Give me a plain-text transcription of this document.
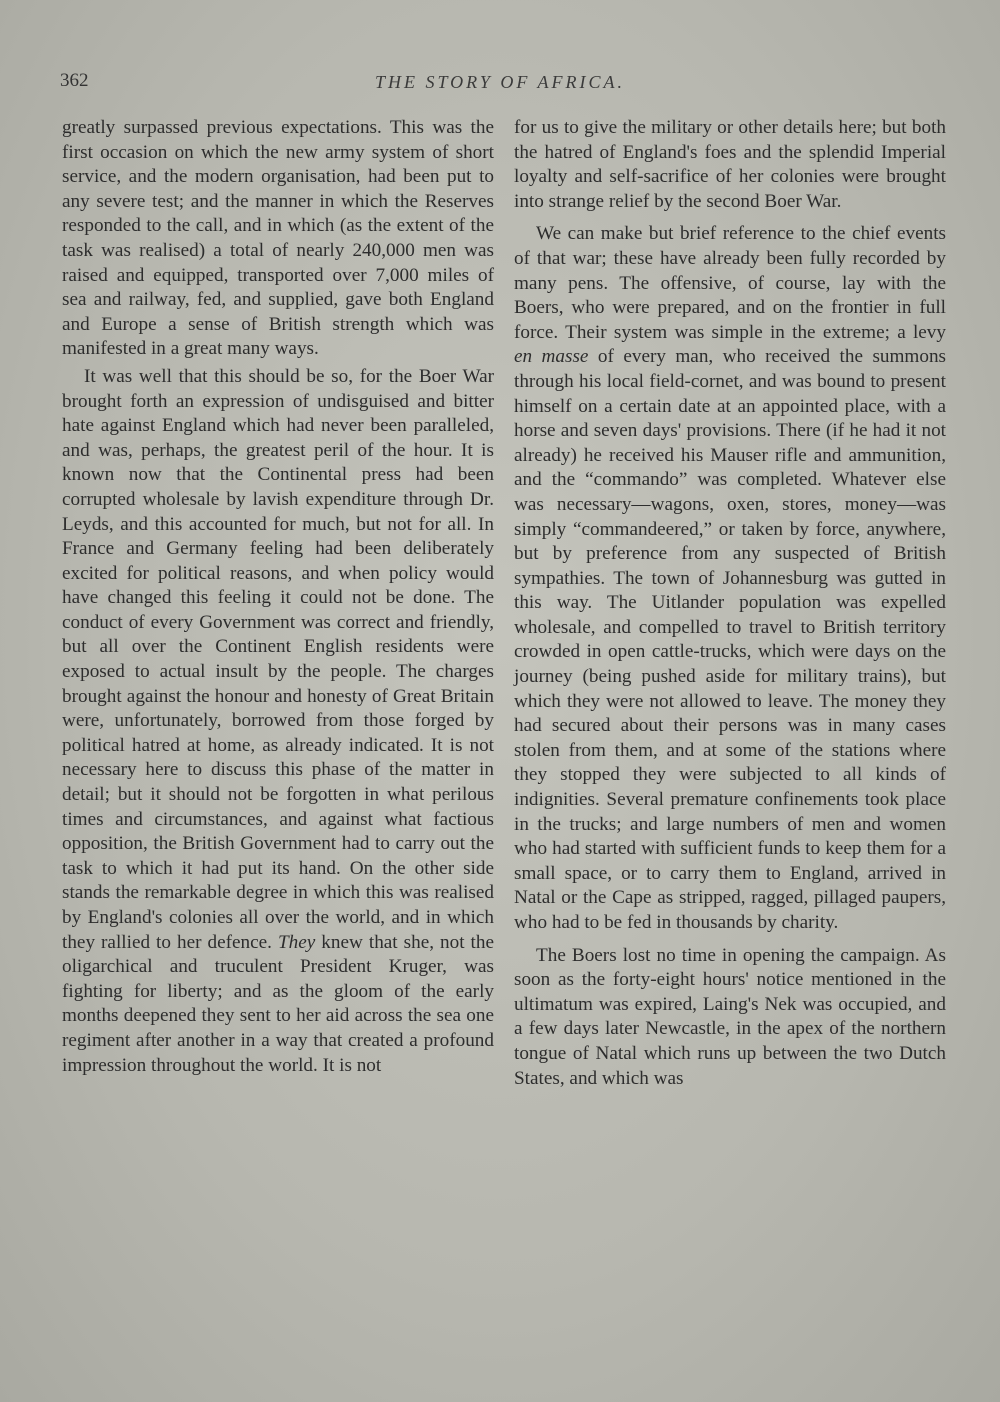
362	THE STORY OF AFRICA.

greatly surpassed previous expectations. This was the first occasion on which the new army system of short service, and the modern organisation, had been put to any severe test; and the manner in which the Reserves responded to the call, and in which (as the extent of the task was realised) a total of nearly 240,000 men was raised and equipped, transported over 7,000 miles of sea and railway, fed, and supplied, gave both England and Europe a sense of British strength which was manifested in a great many ways.

It was well that this should be so, for the Boer War brought forth an expression of undisguised and bitter hate against England which had never been paralleled, and was, perhaps, the greatest peril of the hour. It is known now that the Continental press had been corrupted wholesale by lavish expenditure through Dr. Leyds, and this accounted for much, but not for all. In France and Germany feeling had been deliberately excited for political reasons, and when policy would have changed this feeling it could not be done. The conduct of every Government was correct and friendly, but all over the Continent English residents were exposed to actual insult by the people. The charges brought against the honour and honesty of Great Britain were, unfortunately, borrowed from those forged by political hatred at home, as already indicated. It is not necessary here to discuss this phase of the matter in detail; but it should not be forgotten in what perilous times and circumstances, and against what factious opposition, the British Government had to carry out the task to which it had put its hand. On the other side stands the remarkable degree in which this was realised by England's colonies all over the world, and in which they rallied to her defence. They knew that she, not the oligarchical and truculent President Kruger, was fighting for liberty; and as the gloom of the early months deepened they sent to her aid across the sea one regiment after another in a way that created a profound impression throughout the world. It is not

for us to give the military or other details here; but both the hatred of England's foes and the splendid Imperial loyalty and self-sacrifice of her colonies were brought into strange relief by the second Boer War.

We can make but brief reference to the chief events of that war; these have already been fully recorded by many pens. The offensive, of course, lay with the Boers, who were prepared, and on the frontier in full force. Their system was simple in the extreme; a levy en masse of every man, who received the summons through his local field-cornet, and was bound to present himself on a certain date at an appointed place, with a horse and seven days' provisions. There (if he had it not already) he received his Mauser rifle and ammunition, and the “commando” was completed. Whatever else was necessary—wagons, oxen, stores, money—was simply “commandeered,” or taken by force, anywhere, but by preference from any suspected of British sympathies. The town of Johannesburg was gutted in this way. The Uitlander population was expelled wholesale, and compelled to travel to British territory crowded in open cattle-trucks, which were days on the journey (being pushed aside for military trains), but which they were not allowed to leave. The money they had secured about their persons was in many cases stolen from them, and at some of the stations where they stopped they were subjected to all kinds of indignities. Several premature confinements took place in the trucks; and large numbers of men and women who had started with sufficient funds to keep them for a small space, or to carry them to England, arrived in Natal or the Cape as stripped, ragged, pillaged paupers, who had to be fed in thousands by charity.

The Boers lost no time in opening the campaign. As soon as the forty-eight hours' notice mentioned in the ultimatum was expired, Laing's Nek was occupied, and a few days later Newcastle, in the apex of the northern tongue of Natal which runs up between the two Dutch States, and which was
